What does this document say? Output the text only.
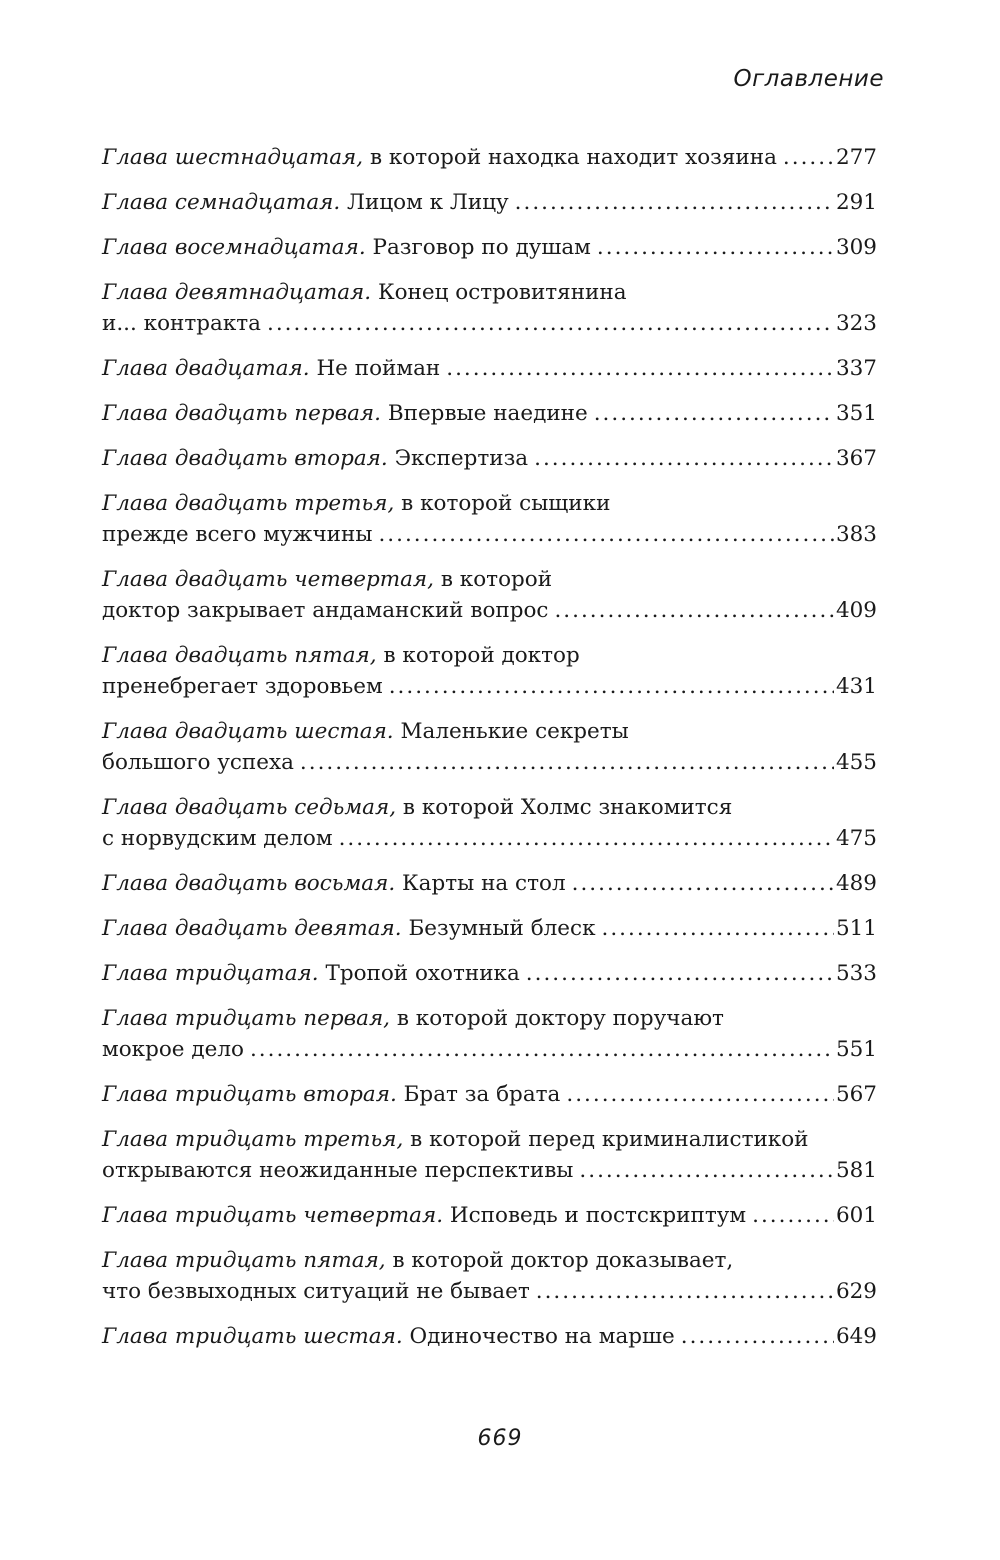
Оглавление
Глава шестнадцатая, в которой находка находит хозяина .....	277
Глава семнадцатая. Лицом к Лицу .....	291
Глава восемнадцатая. Разговор по душам .....	309
Глава девятнадцатая. Конец островитянина
и... контракта .....	323
Глава двадцатая. Не пойман .....	337
Глава двадцать первая. Впервые наедине .....	351
Глава двадцать вторая. Экспертиза .....	367
Глава двадцать третья, в которой сыщики
прежде всего мужчины .....	383
Глава двадцать четвертая, в которой
доктор закрывает андаманский вопрос .....	409
Глава двадцать пятая, в которой доктор
пренебрегает здоровьем .....	431
Глава двадцать шестая. Маленькие секреты
большого успеха .....	455
Глава двадцать седьмая, в которой Холмс знакомится
с норвудским делом .....	475
Глава двадцать восьмая. Карты на стол .....	489
Глава двадцать девятая. Безумный блеск .....	511
Глава тридцатая. Тропой охотника .....	533
Глава тридцать первая, в которой доктору поручают
мокрое дело .....	551
Глава тридцать вторая. Брат за брата .....	567
Глава тридцать третья, в которой перед криминалистикой
открываются неожиданные перспективы .....	581
Глава тридцать четвертая. Исповедь и постскриптум .....	601
Глава тридцать пятая, в которой доктор доказывает,
что безвыходных ситуаций не бывает .....	629
Глава тридцать шестая. Одиночество на марше .....	649
669
